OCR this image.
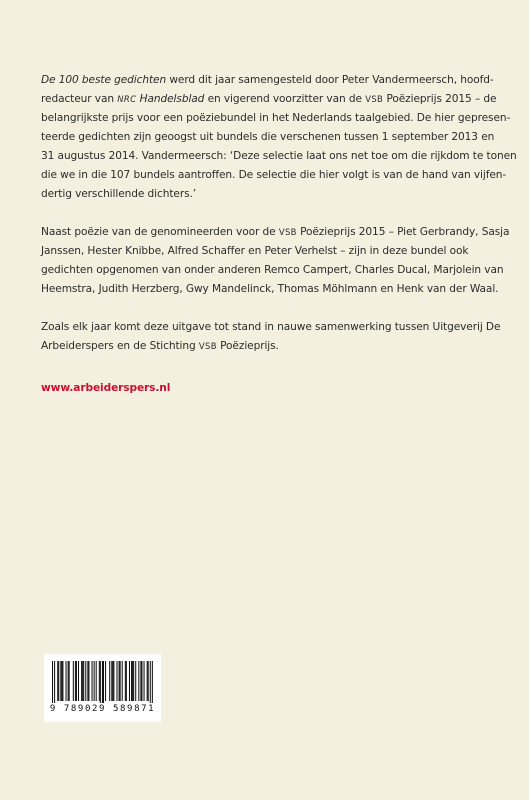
De 100 beste gedichten werd dit jaar samengesteld door Peter Vandermeersch, hoofd-
redacteur van NRC Handelsblad en vigerend voorzitter van de VSB Poëzieprijs 2015 – de
belangrijkste prijs voor een poëziebundel in het Nederlands taalgebied. De hier gepresen-
teerde gedichten zijn geoogst uit bundels die verschenen tussen 1 september 2013 en
31 augustus 2014. Vandermeersch: ‘Deze selectie laat ons net toe om die rijkdom te tonen
die we in die 107 bundels aantroffen. De selectie die hier volgt is van de hand van vijfen-
dertig verschillende dichters.’
Naast poëzie van de genomineerden voor de VSB Poëzieprijs 2015 – Piet Gerbrandy, Sasja
Janssen, Hester Knibbe, Alfred Schaffer en Peter Verhelst – zijn in deze bundel ook
gedichten opgenomen van onder anderen Remco Campert, Charles Ducal, Marjolein van
Heemstra, Judith Herzberg, Gwy Mandelinck, Thomas Möhlmann en Henk van der Waal.
Zoals elk jaar komt deze uitgave tot stand in nauwe samenwerking tussen Uitgeverij De
Arbeiderspers en de Stichting VSB Poëzieprijs.
www.arbeiderspers.nl
9 789029 589871
